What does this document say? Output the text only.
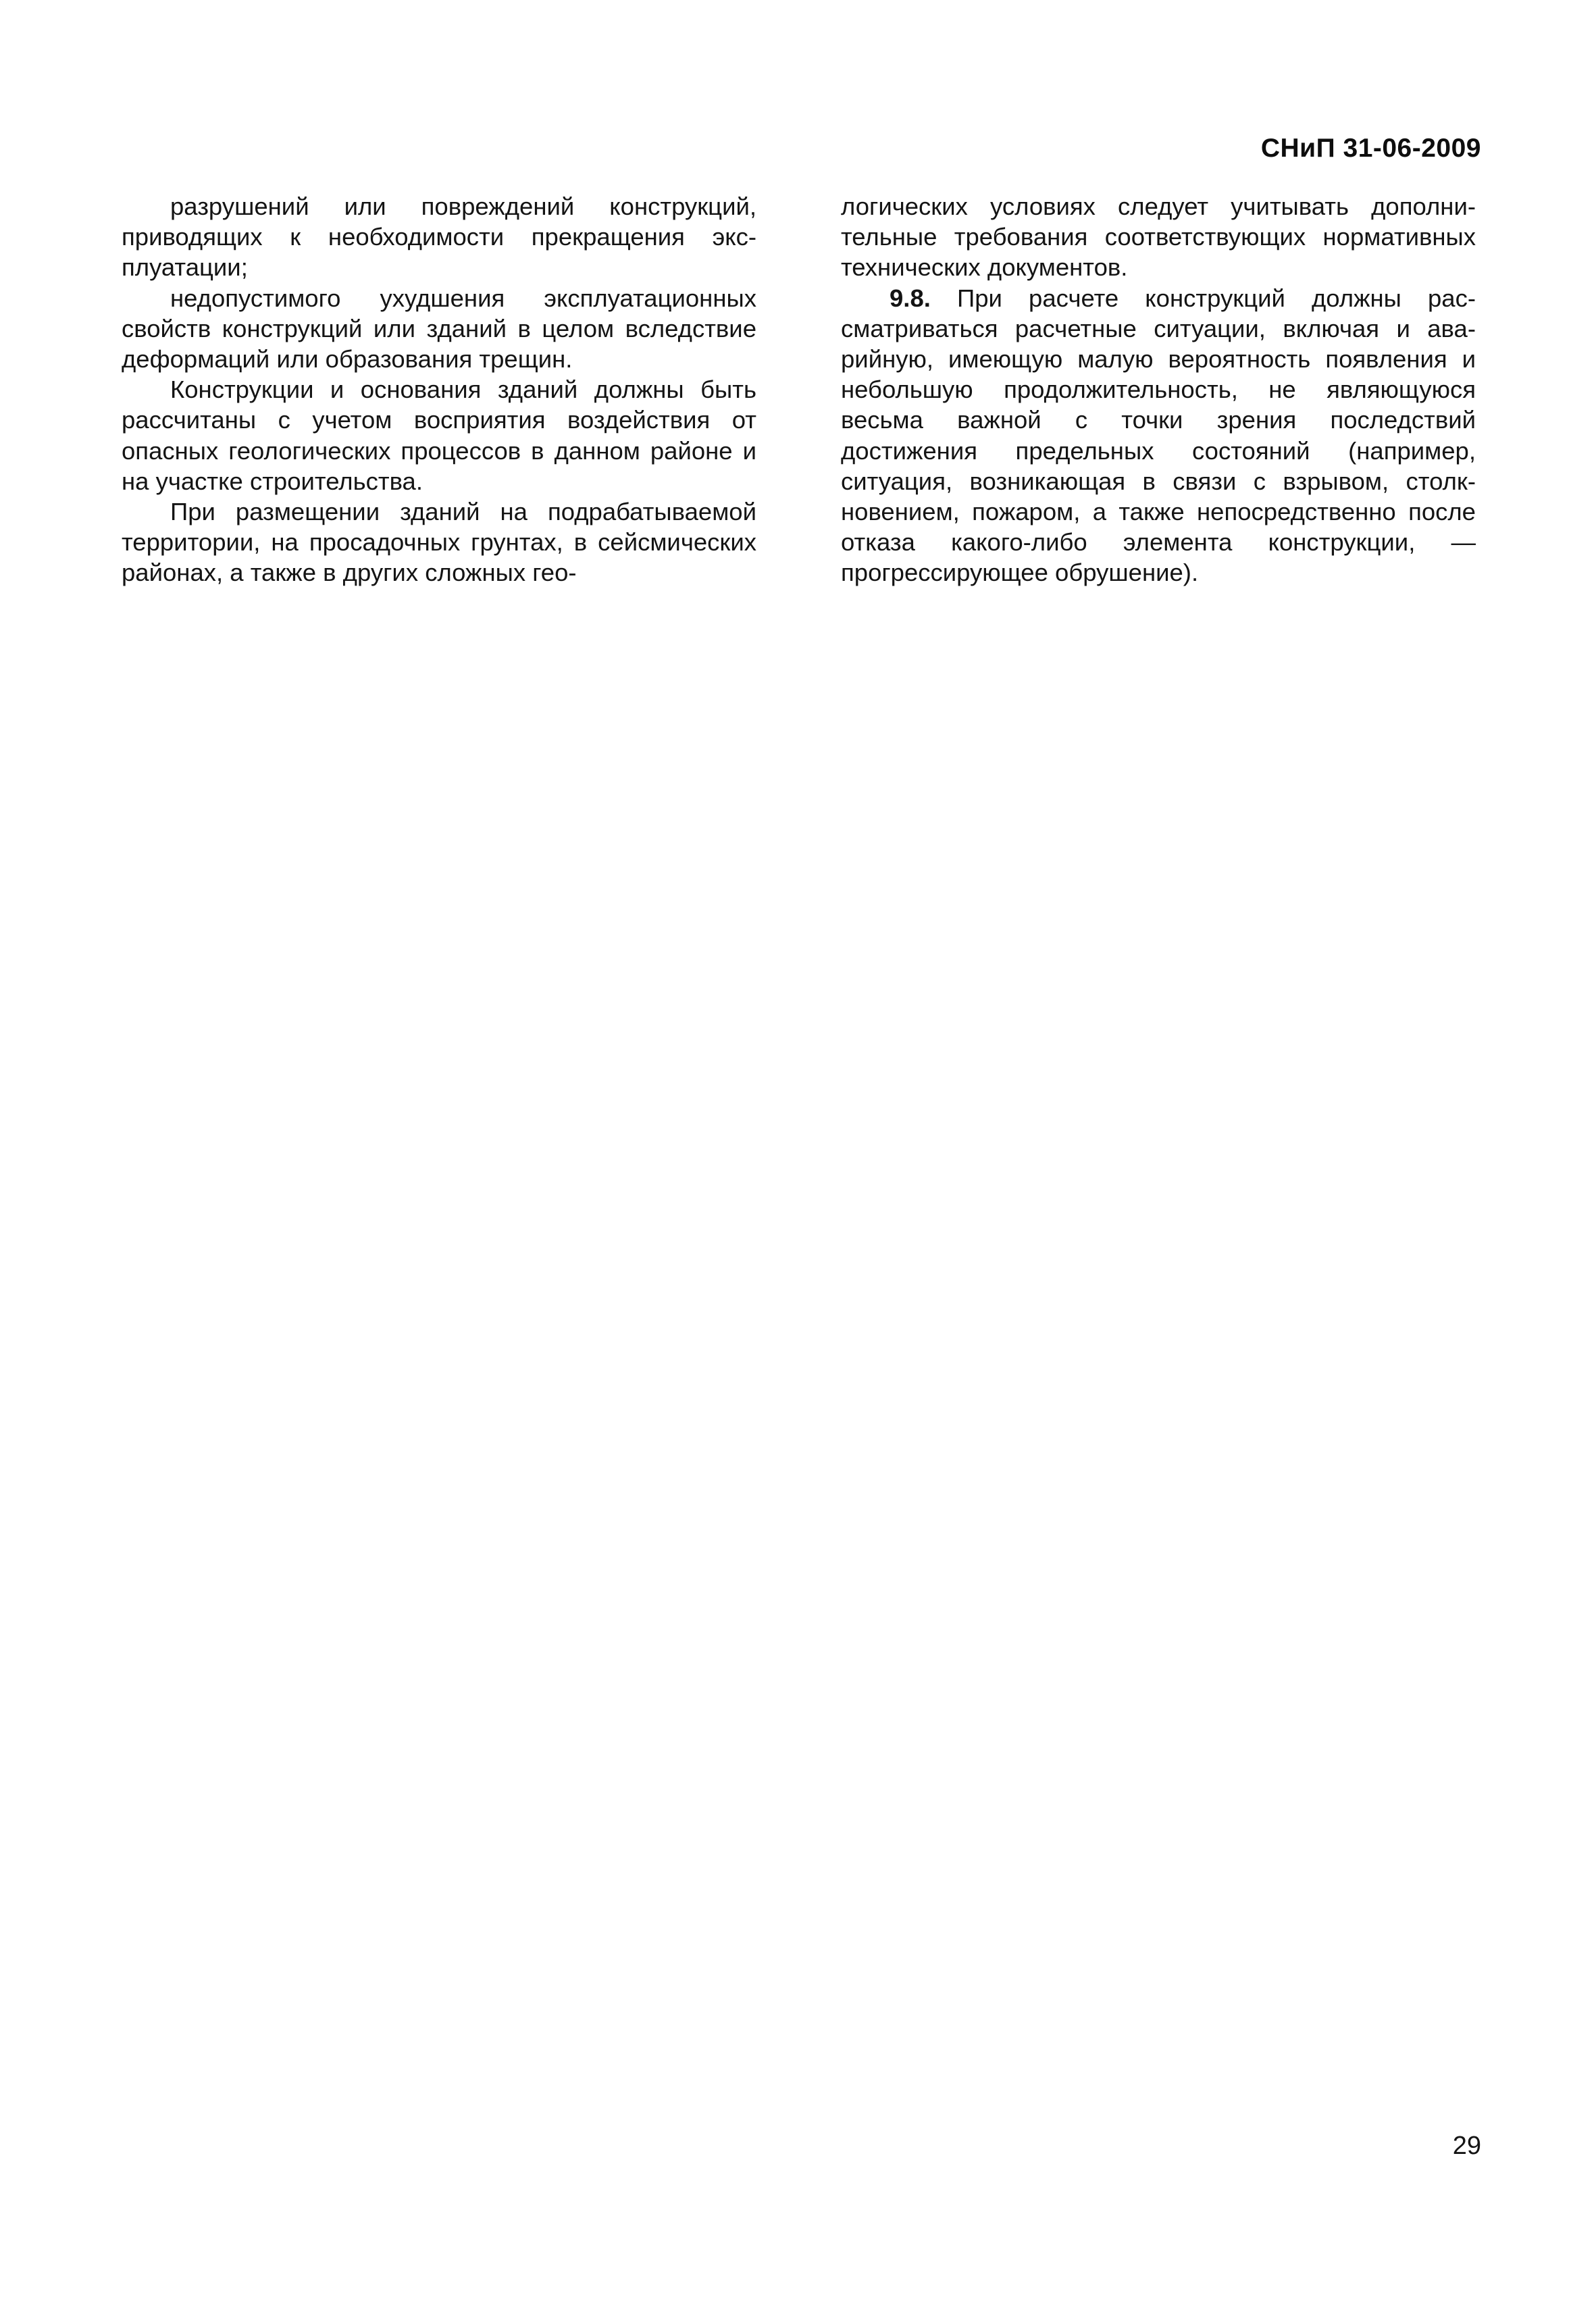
СНиП 31-06-2009

разрушений или повреждений конструкций, приводящих к необходимости прекращения эксплуатации;

недопустимого ухудшения эксплуатационных свойств конструкций или зданий в целом вследствие деформаций или образования трещин.

Конструкции и основания зданий должны быть рассчитаны с учетом восприятия воздействия от опасных геологических процессов в данном районе и на участке строительства.

При размещении зданий на подрабатываемой территории, на просадочных грунтах, в сейсмических районах, а также в других сложных гео-

логических условиях следует учитывать дополнительные требования соответствующих нормативных технических документов.

9.8. При расчете конструкций должны рассматриваться расчетные ситуации, включая и аварийную, имеющую малую вероятность появления и небольшую продолжительность, не являющуюся весьма важной с точки зрения последствий достижения предельных состояний (например, ситуация, возникающая в связи с взрывом, столкновением, пожаром, а также непосредственно после отказа какого-либо элемента конструкции, — прогрессирующее обрушение).

29
